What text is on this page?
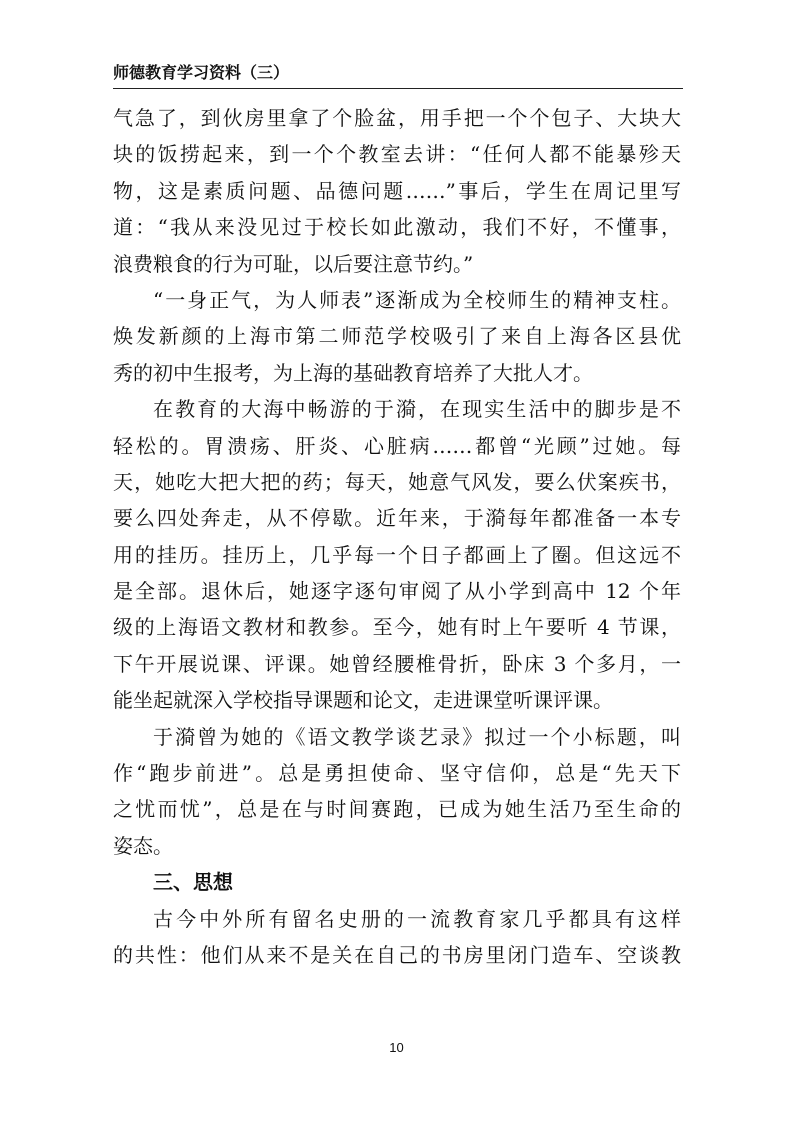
师德教育学习资料（三）
气急了，到伙房里拿了个脸盆，用手把一个个包子、大块大
块的饭捞起来，到一个个教室去讲：“任何人都不能暴殄天
物，这是素质问题、品德问题……”事后，学生在周记里写
道：“我从来没见过于校长如此激动，我们不好，不懂事，
浪费粮食的行为可耻，以后要注意节约。”
“一身正气，为人师表”逐渐成为全校师生的精神支柱。
焕发新颜的上海市第二师范学校吸引了来自上海各区县优
秀的初中生报考，为上海的基础教育培养了大批人才。
在教育的大海中畅游的于漪，在现实生活中的脚步是不
轻松的。胃溃疡、肝炎、心脏病……都曾“光顾”过她。每
天，她吃大把大把的药；每天，她意气风发，要么伏案疾书，
要么四处奔走，从不停歇。近年来，于漪每年都准备一本专
用的挂历。挂历上，几乎每一个日子都画上了圈。但这远不
是全部。退休后，她逐字逐句审阅了从小学到高中 12 个年
级的上海语文教材和教参。至今，她有时上午要听 4 节课，
下午开展说课、评课。她曾经腰椎骨折，卧床 3 个多月，一
能坐起就深入学校指导课题和论文，走进课堂听课评课。
于漪曾为她的《语文教学谈艺录》拟过一个小标题，叫
作“跑步前进”。总是勇担使命、坚守信仰，总是“先天下
之忧而忧”，总是在与时间赛跑，已成为她生活乃至生命的
姿态。
三、思想
古今中外所有留名史册的一流教育家几乎都具有这样
的共性：他们从来不是关在自己的书房里闭门造车、空谈教
10
